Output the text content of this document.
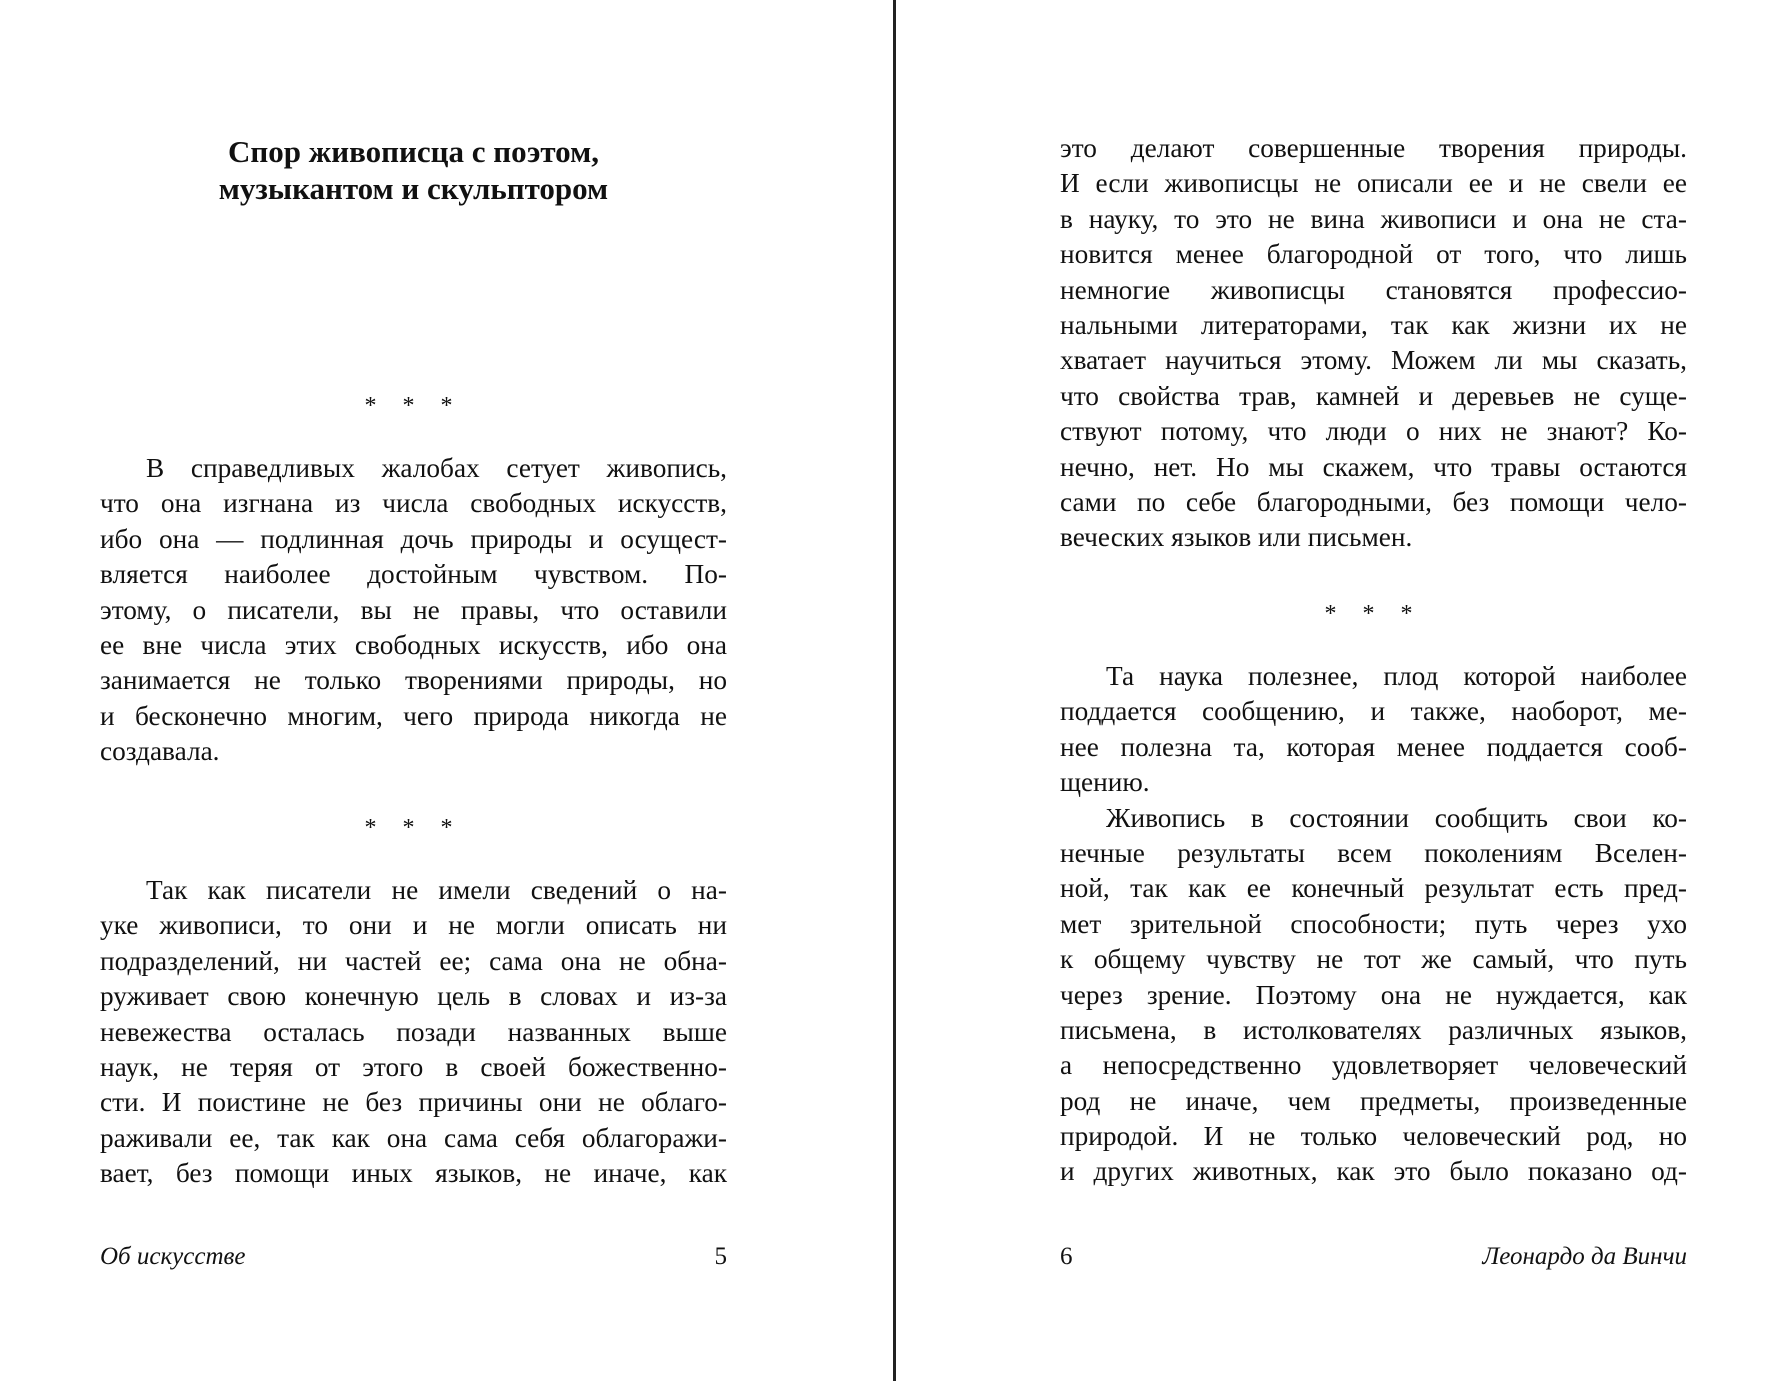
Спор живописца с поэтом,
музыкантом и скульптором
* * *
В справедливых жалобах сетует живопись,
что она изгнана из числа свободных искусств,
ибо она — подлинная дочь природы и осущест-
вляется наиболее достойным чувством. По-
этому, о писатели, вы не правы, что оставили
ее вне числа этих свободных искусств, ибо она
занимается не только творениями природы, но
и бесконечно многим, чего природа никогда не
создавала.
* * *
Так как писатели не имели сведений о на-
уке живописи, то они и не могли описать ни
подразделений, ни частей ее; сама она не обна-
руживает свою конечную цель в словах и из-за
невежества осталась позади названных выше
наук, не теряя от этого в своей божественно-
сти. И поистине не без причины они не облаго-
раживали ее, так как она сама себя облагоражи-
вает, без помощи иных языков, не иначе, как
Об искусстве	5
это делают совершенные творения природы.
И если живописцы не описали ее и не свели ее
в науку, то это не вина живописи и она не ста-
новится менее благородной от того, что лишь
немногие живописцы становятся профессио-
нальными литераторами, так как жизни их не
хватает научиться этому. Можем ли мы сказать,
что свойства трав, камней и деревьев не суще-
ствуют потому, что люди о них не знают? Ко-
нечно, нет. Но мы скажем, что травы остаются
сами по себе благородными, без помощи чело-
веческих языков или письмен.
* * *
Та наука полезнее, плод которой наиболее
поддается сообщению, и также, наоборот, ме-
нее полезна та, которая менее поддается сооб-
щению.
Живопись в состоянии сообщить свои ко-
нечные результаты всем поколениям Вселен-
ной, так как ее конечный результат есть пред-
мет зрительной способности; путь через ухо
к общему чувству не тот же самый, что путь
через зрение. Поэтому она не нуждается, как
письмена, в истолкователях различных языков,
а непосредственно удовлетворяет человеческий
род не иначе, чем предметы, произведенные
природой. И не только человеческий род, но
и других животных, как это было показано од-
6	Леонардо да Винчи
